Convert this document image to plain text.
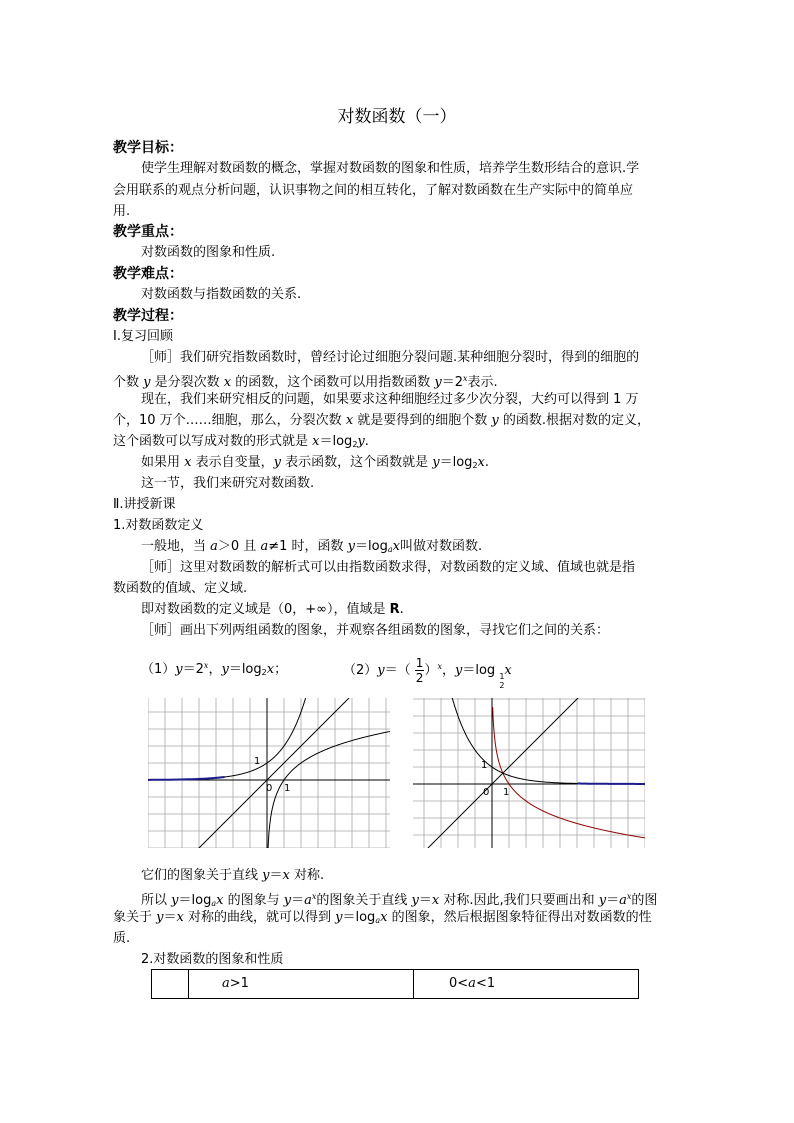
对数函数（一）
教学目标：
使学生理解对数函数的概念，掌握对数函数的图象和性质，培养学生数形结合的意识.学
会用联系的观点分析问题，认识事物之间的相互转化，了解对数函数在生产实际中的简单应
用.
教学重点：
对数函数的图象和性质.
教学难点：
对数函数与指数函数的关系.
教学过程：
Ⅰ.复习回顾
［师］我们研究指数函数时，曾经讨论过细胞分裂问题.某种细胞分裂时，得到的细胞的
个数 y 是分裂次数 x 的函数，这个函数可以用指数函数 $y=2^x$表示.
现在，我们来研究相反的问题，如果要求这种细胞经过多少次分裂，大约可以得到 1 万
个，10 万个……细胞，那么，分裂次数 x 就是要得到的细胞个数 y 的函数.根据对数的定义，
这个函数可以写成对数的形式就是 $x=\log_2y$.
如果用 x 表示自变量，y 表示函数，这个函数就是 $y=\log_2x$.
这一节，我们来研究对数函数.
Ⅱ.讲授新课
1.对数函数定义
一般地，当 a＞0 且 a≠1 时，函数 $y=\log_ax$叫做对数函数.
［师］这里对数函数的解析式可以由指数函数求得，对数函数的定义域、值域也就是指
数函数的值域、定义域.
即对数函数的定义域是（0，+∞），值域是 R.
［师］画出下列两组函数的图象，并观察各组函数的图象，寻找它们之间的关系：
$(1)y=2^x$，$y=\log_2x$；	$(2)y=( \frac{1}{2} )^x$，y＝log 1
2
x
1
0 1
1
0 1
它们的图象关于直线 y＝x 对称.
所以 $y=\log_ax$ 的图象与 $y=a^x$的图象关于直线 y＝x 对称.因此,我们只要画出和 $y=a^x$的图
象关于 y＝x 对称的曲线，就可以得到 $y=\log_ax$ 的图象，然后根据图象特征得出对数函数的性
质.
2.对数函数的图象和性质
a>1	0<a<1
